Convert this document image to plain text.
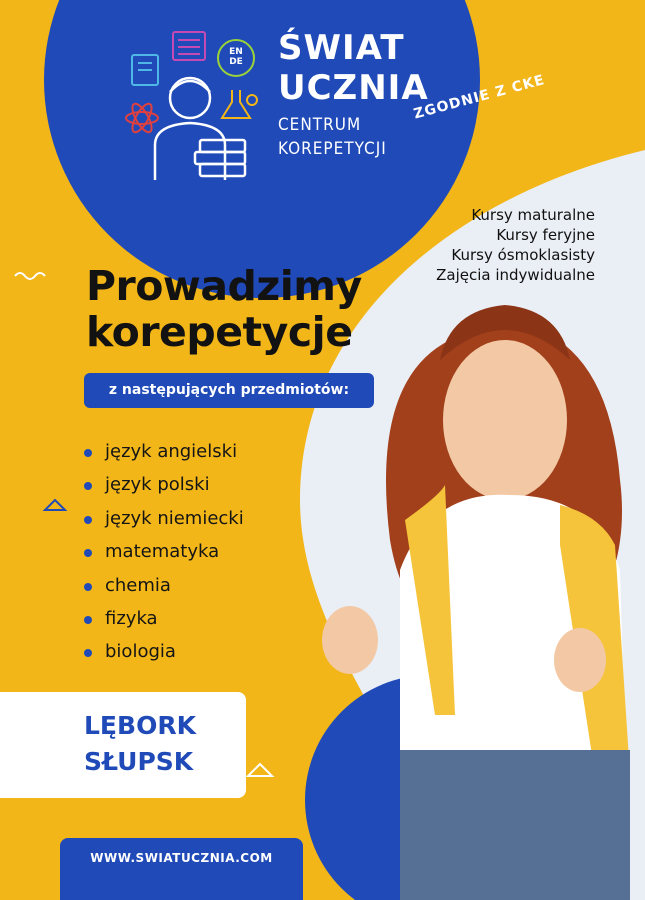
ŚWIAT
UCZNIA
CENTRUM
KOREPETYCJI
EN DE
ZGODNIE Z CKE
Kursy maturalne
Kursy feryjne
Kursy ósmoklasisty
Zajęcia indywidualne
Prowadzimy
korepetycje
z następujących przedmiotów:
język angielski
język polski
język niemiecki
matematyka
chemia
fizyka
biologia
LĘBORK
SŁUPSK
WWW.SWIATUCZNIA.COM
